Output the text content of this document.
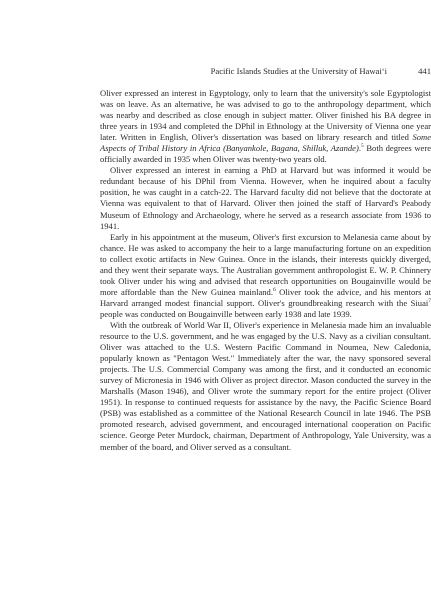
Pacific Islands Studies at the University of Hawai‘i	441

Oliver expressed an interest in Egyptology, only to learn that the university's sole Egyptologist was on leave. As an alternative, he was advised to go to the anthropology department, which was nearby and described as close enough in subject matter. Oliver finished his BA degree in three years in 1934 and completed the DPhil in Ethnology at the University of Vienna one year later. Written in English, Oliver's dissertation was based on library research and titled Some Aspects of Tribal History in Africa (Banyankole, Bagana, Shilluk, Azande).$^5$ Both degrees were officially awarded in 1935 when Oliver was twenty-two years old.

Oliver expressed an interest in earning a PhD at Harvard but was informed it would be redundant because of his DPhil from Vienna. However, when he inquired about a faculty position, he was caught in a catch-22. The Harvard faculty did not believe that the doctorate at Vienna was equivalent to that of Harvard. Oliver then joined the staff of Harvard's Peabody Museum of Ethnology and Archaeology, where he served as a research associate from 1936 to 1941.

Early in his appointment at the museum, Oliver's first excursion to Melanesia came about by chance. He was asked to accompany the heir to a large manufacturing fortune on an expedition to collect exotic artifacts in New Guinea. Once in the islands, their interests quickly diverged, and they went their separate ways. The Australian government anthropologist E. W. P. Chinnery took Oliver under his wing and advised that research opportunities on Bougainville would be more affordable than the New Guinea mainland.$^6$ Oliver took the advice, and his mentors at Harvard arranged modest financial support. Oliver's groundbreaking research with the Siuai$^7$ people was conducted on Bougainville between early 1938 and late 1939.

With the outbreak of World War II, Oliver's experience in Melanesia made him an invaluable resource to the U.S. government, and he was engaged by the U.S. Navy as a civilian consultant. Oliver was attached to the U.S. Western Pacific Command in Noumea, New Caledonia, popularly known as "Pentagon West." Immediately after the war, the navy sponsored several projects. The U.S. Commercial Company was among the first, and it conducted an economic survey of Micronesia in 1946 with Oliver as project director. Mason conducted the survey in the Marshalls (Mason 1946), and Oliver wrote the summary report for the entire project (Oliver 1951). In response to continued requests for assistance by the navy, the Pacific Science Board (PSB) was established as a committee of the National Research Council in late 1946. The PSB promoted research, advised government, and encouraged international cooperation on Pacific science. George Peter Murdock, chairman, Department of Anthropology, Yale University, was a member of the board, and Oliver served as a consultant.
